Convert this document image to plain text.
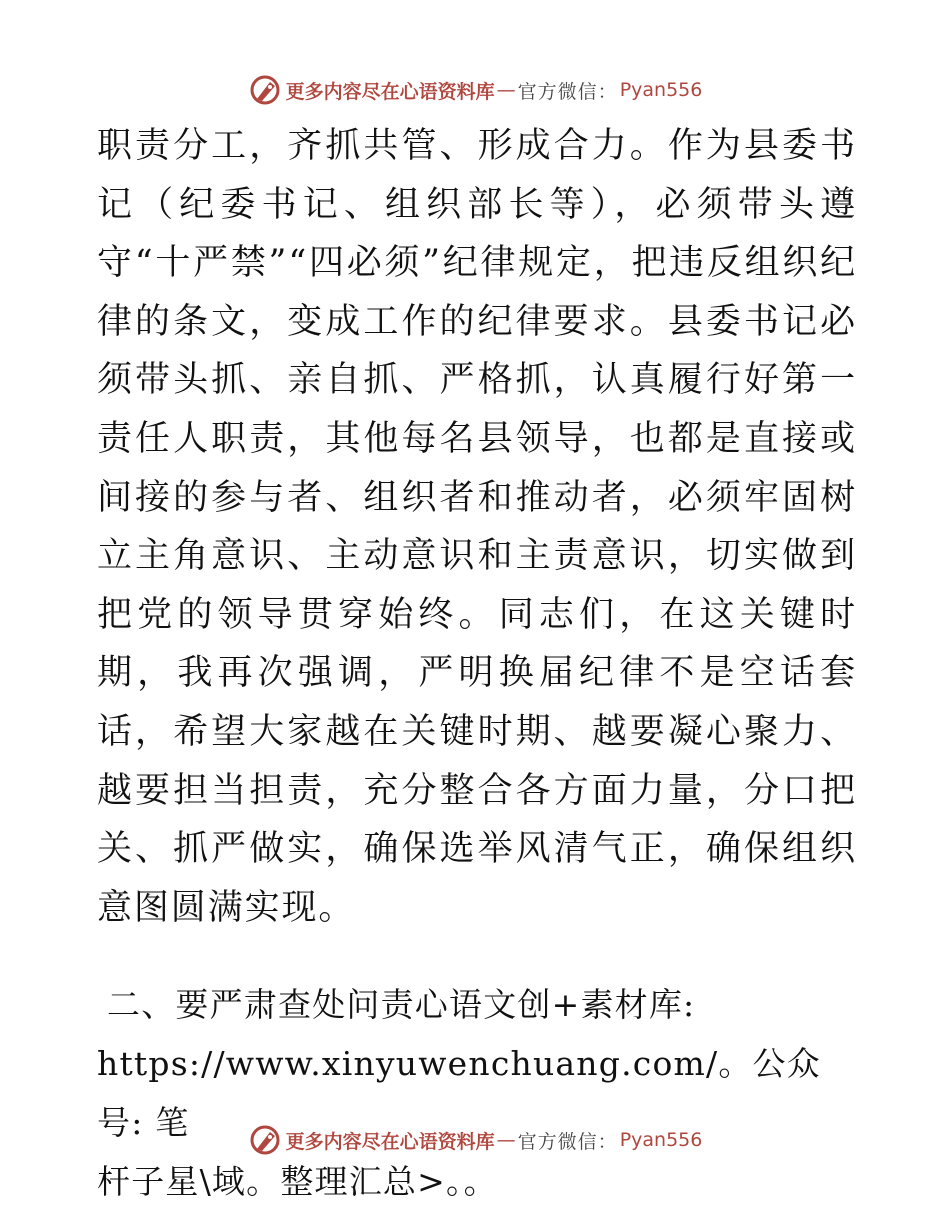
更多内容尽在心语资料库 — 官方微信： Pyan556

职责分工，齐抓共管、形成合力。作为县委书记（纪委书记、组织部长等），必须带头遵守“十严禁”“四必须”纪律规定，把违反组织纪律的条文，变成工作的纪律要求。县委书记必须带头抓、亲自抓、严格抓，认真履行好第一责任人职责，其他每名县领导，也都是直接或间接的参与者、组织者和推动者，必须牢固树立主角意识、主动意识和主责意识，切实做到把党的领导贯穿始终。同志们，在这关键时期，我再次强调，严明换届纪律不是空话套话，希望大家越在关键时期、越要凝心聚力、越要担当担责，充分整合各方面力量，分口把关、抓严做实，确保选举风清气正，确保组织意图圆满实现。

二、要严肃查处问责心语文创+素材库:
https://www.xinyuwenchuang.com/。公众号: 笔
杆子星\域。整理汇总>。。
更多内容尽在心语资料库 — 官方微信： Pyan556
